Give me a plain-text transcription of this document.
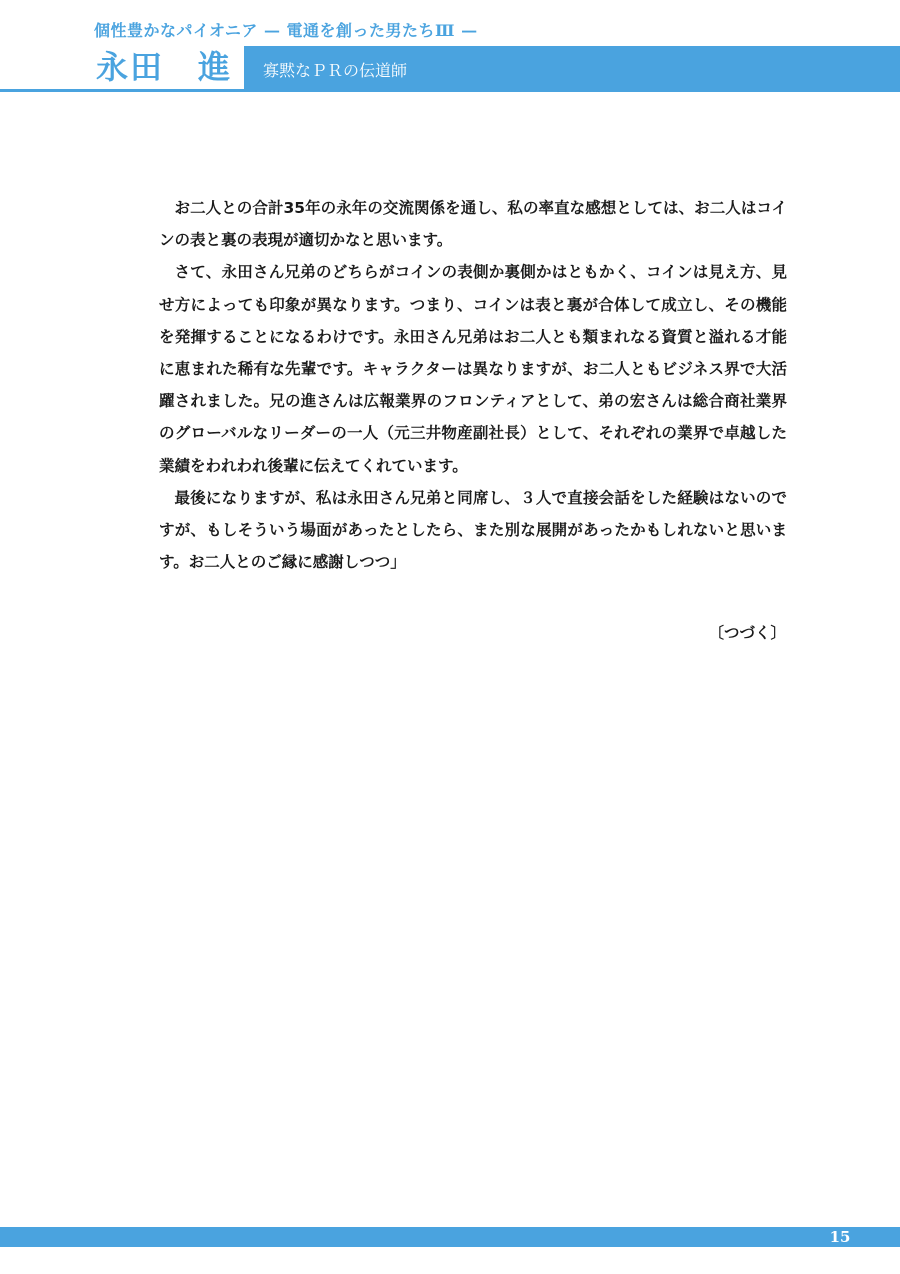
個性豊かなパイオニア — 電通を創った男たちⅢ —
永田　進 寡黙なＰＲの伝道師

お二人との合計35年の永年の交流関係を通し、私の率直な感想としては、お二人はコインの表と裏の表現が適切かなと思います。

さて、永田さん兄弟のどちらがコインの表側か裏側かはともかく、コインは見え方、見せ方によっても印象が異なります。つまり、コインは表と裏が合体して成立し、その機能を発揮することになるわけです。永田さん兄弟はお二人とも類まれなる資質と溢れる才能に恵まれた稀有な先輩です。キャラクターは異なりますが、お二人ともビジネス界で大活躍されました。兄の進さんは広報業界のフロンティアとして、弟の宏さんは総合商社業界のグローバルなリーダーの一人（元三井物産副社長）として、それぞれの業界で卓越した業績をわれわれ後輩に伝えてくれています。

最後になりますが、私は永田さん兄弟と同席し、３人で直接会話をした経験はないのですが、もしそういう場面があったとしたら、また別な展開があったかもしれないと思います。お二人とのご縁に感謝しつつ」

〔つづく〕
15
